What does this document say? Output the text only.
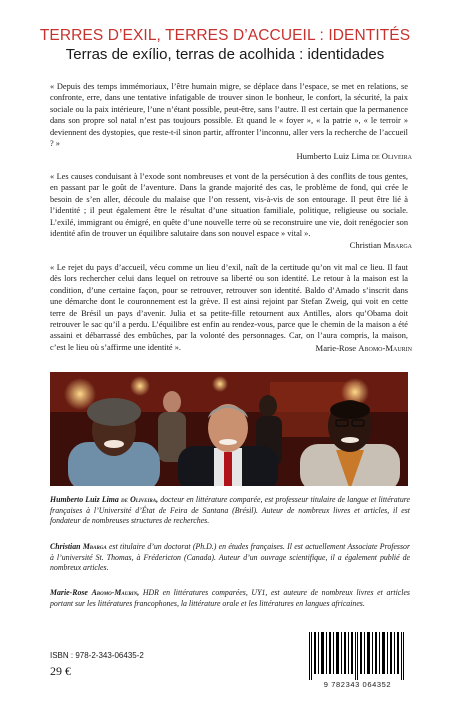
TERRES D’EXIL, TERRES D’ACCUEIL : IDENTITÉS
Terras de exílio, terras de acolhida : identidades

« Depuis des temps immémoriaux, l’être humain migre, se déplace dans l’espace, se met en relations, se confronte, erre, dans une tentative infatigable de trouver sinon le bonheur, le confort, la sécurité, la paix sociale ou la paix intérieure, l’une n’étant possible, peut-être, sans l’autre. Il est certain que la permanence dans son propre sol natal n’est pas toujours possible. Et quand le « foyer », « la patrie », « le terroir » deviennent des dystopies, que reste-t-il sinon partir, affronter l’inconnu, aller vers la recherche de l’accueil ? »

Humberto Luiz Lima de Oliveira

« Les causes conduisant à l’exode sont nombreuses et vont de la persécution à des conflits de tous gentes, en passant par le goût de l’aventure. Dans la grande majorité des cas, le problème de fond, qui crée le besoin de s’en aller, découle du malaise que l’on ressent, vis-à-vis de son entourage. Il peut être lié à l’identité ; il peut également être le résultat d’une situation familiale, politique, religieuse ou sociale. L’exilé, immigrant ou émigré, en quête d’une nouvelle terre où se reconstruire une vie, doit renégocier son identité afin de trouver un équilibre salutaire dans son nouvel espace » vital ».

Christian Mbarga

« Le rejet du pays d’accueil, vécu comme un lieu d’exil, naît de la certitude qu’on vit mal ce lieu. Il faut dès lors rechercher celui dans lequel on retrouve sa liberté ou son identité. Le retour à la maison est la condition, d’une certaine façon, pour se retrouver, retrouver son identité. Baldo d’Amado s’inscrit dans une démarche dont le couronnement est la grève. Il est ainsi rejoint par Stefan Zweig, qui voit en cette terre de Brésil un pays d’avenir. Julia et sa petite-fille retournent aux Antilles, alors qu’Obama doit retrouver le sac qu’il a perdu. L’équilibre est enfin au rendez-vous, parce que le chemin de la maison a été assaini et débarrassé des embûches, par la volonté des personnages. Car, on l’aura compris, la maison, c’est le lieu où s’affirme une identité ».	Marie-Rose Abomo-Maurin

Humberto Luiz Lima de Oliveira, docteur en littérature comparée, est professeur titulaire de langue et littérature françaises à l’Université d’État de Feira de Santana (Brésil). Auteur de nombreux livres et articles, il est fondateur de nombreuses structures de recherches.

Christian Mbarga est titulaire d’un doctorat (Ph.D.) en études françaises. Il est actuellement Associate Professor à l’université St. Thomas, à Frédericton (Canada). Auteur d’un ouvrage scientifique, il a également publié de nombreux articles.

Marie-Rose Abomo-Maurin, HDR en littératures comparées, UY1, est auteure de nombreux livres et articles portant sur les littératures francophones, la littérature orale et les littératures en langues africaines.

ISBN : 978-2-343-06435-2
29 €
9 782343 064352
